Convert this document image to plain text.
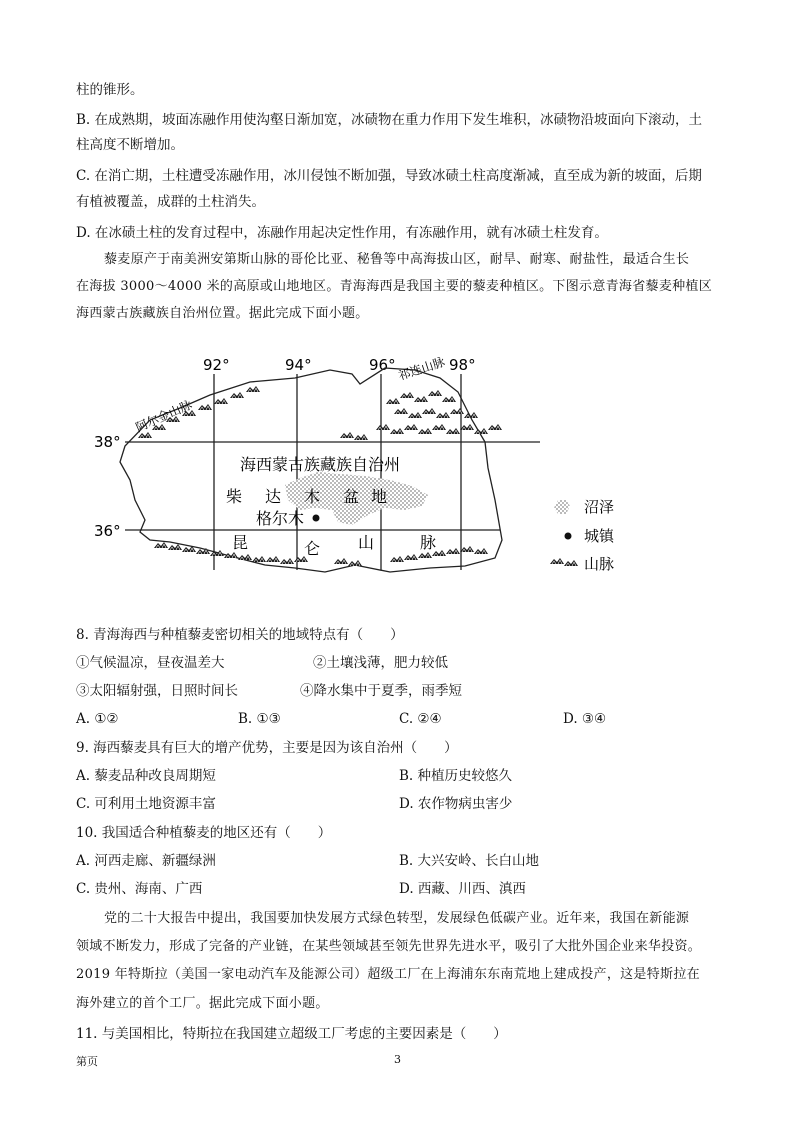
柱的锥形。
B. 在成熟期，坡面冻融作用使沟壑日渐加宽，冰碛物在重力作用下发生堆积，冰碛物沿坡面向下滚动，土
柱高度不断增加。
C. 在消亡期，土柱遭受冻融作用，冰川侵蚀不断加强，导致冰碛土柱高度渐减，直至成为新的坡面，后期
有植被覆盖，成群的土柱消失。
D. 在冰碛土柱的发育过程中，冻融作用起决定性作用，有冻融作用，就有冰碛土柱发育。
藜麦原产于南美洲安第斯山脉的哥伦比亚、秘鲁等中高海拔山区，耐旱、耐寒、耐盐性，最适合生长
在海拔 3000～4000 米的高原或山地地区。青海海西是我国主要的藜麦种植区。下图示意青海省藜麦种植区
海西蒙古族藏族自治州位置。据此完成下面小题。
92°	94°	96°	98°
38°
36°
阿尔金山脉
祁连山脉
海西蒙古族藏族自治州
柴 达 木 盆 地
格尔木
昆	仑 山	脉
沼泽
城镇
山脉
8. 青海海西与种植藜麦密切相关的地域特点有（　　）
①气候温凉，昼夜温差大	②土壤浅薄，肥力较低
③太阳辐射强，日照时间长	④降水集中于夏季，雨季短
A. ①②	B. ①③	C. ②④	D. ③④
9. 海西藜麦具有巨大的增产优势，主要是因为该自治州（　　）
A. 藜麦品种改良周期短	B. 种植历史较悠久
C. 可利用土地资源丰富	D. 农作物病虫害少
10. 我国适合种植藜麦的地区还有（　　）
A. 河西走廊、新疆绿洲	B. 大兴安岭、长白山地
C. 贵州、海南、广西	D. 西藏、川西、滇西
党的二十大报告中提出，我国要加快发展方式绿色转型，发展绿色低碳产业。近年来，我国在新能源
领域不断发力，形成了完备的产业链，在某些领域甚至领先世界先进水平，吸引了大批外国企业来华投资。
2019 年特斯拉（美国一家电动汽车及能源公司）超级工厂在上海浦东东南荒地上建成投产，这是特斯拉在
海外建立的首个工厂。据此完成下面小题。
11. 与美国相比，特斯拉在我国建立超级工厂考虑的主要因素是（　　）
第页	3
